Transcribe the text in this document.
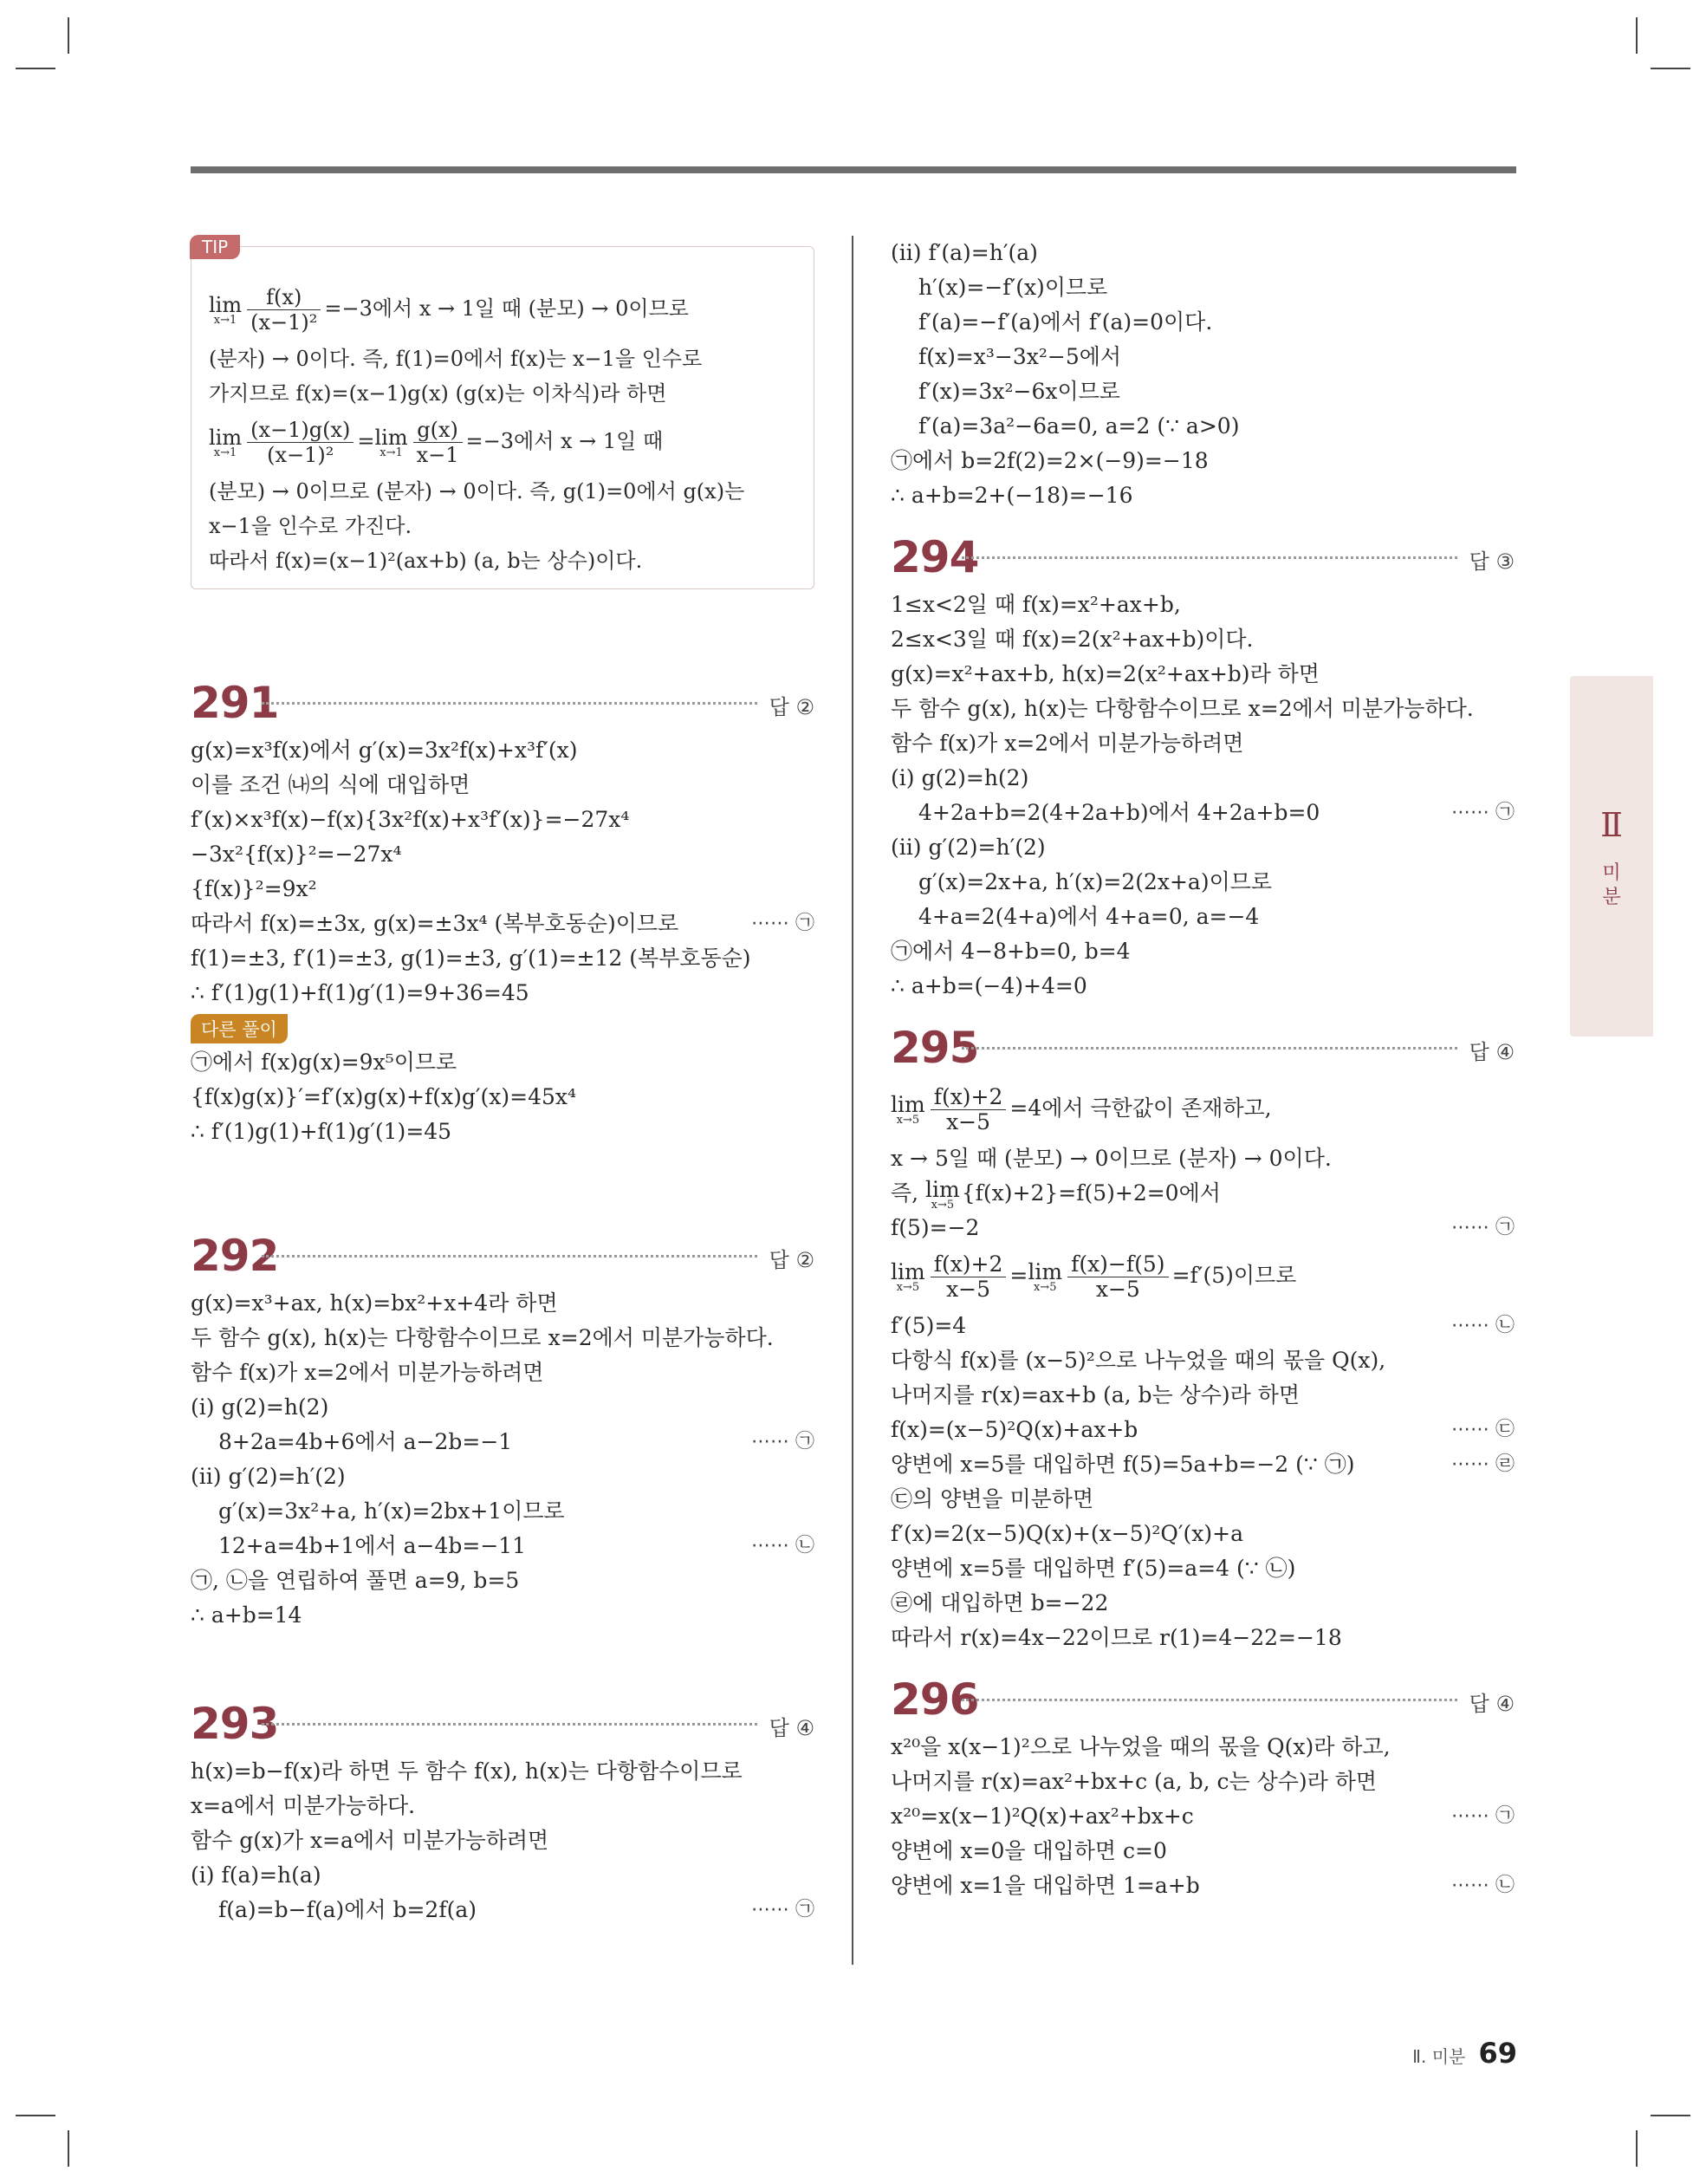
TIP
lim
$x\to 1 \frac{f(x)}{\text{(x−1)²}} =-3$에서 x → 1일 때 (분모) → 0이므로
(분자) → 0이다. 즉, f(1)=0에서 f(x)는 x−1을 인수로
가지므로 f(x)=(x−1)g(x) (g(x)는 이차식)라 하면
lim
$x\to 1 \frac{(x-1)g(x)}{\text{(x−1)²}} = \lim$
$x\to 1 \frac{g(x)}{x-1} =-3$에서 x → 1일 때
(분모) → 0이므로 (분자) → 0이다. 즉, g(1)=0에서 g(x)는
x−1을 인수로 가진다.
따라서 f(x)=(x−1)²(ax+b) (a, b는 상수)이다.
291	답 ②
g(x)=x³f(x)에서 g′(x)=3x²f(x)+x³f′(x)
이를 조건 ㈏의 식에 대입하면
f′(x)×x³f(x)−f(x){3x²f(x)+x³f′(x)}=−27x⁴
−3x²{f(x)}²=−27x⁴
{f(x)}²=9x²
따라서 f(x)=±3x, g(x)=±3x⁴ (복부호동순)이므로	⋯⋯ ㉠
f(1)=±3, f′(1)=±3, g(1)=±3, g′(1)=±12 (복부호동순)
∴ f′(1)g(1)+f(1)g′(1)=9+36=45
다른 풀이
㉠에서 f(x)g(x)=9x⁵이므로
{f(x)g(x)}′=f′(x)g(x)+f(x)g′(x)=45x⁴
∴ f′(1)g(1)+f(1)g′(1)=45
292	답 ②
g(x)=x³+ax, h(x)=bx²+x+4라 하면
두 함수 g(x), h(x)는 다항함수이므로 x=2에서 미분가능하다.
함수 f(x)가 x=2에서 미분가능하려면
(i) g(2)=h(2)
8+2a=4b+6에서 a−2b=−1	⋯⋯ ㉠
(ii) g′(2)=h′(2)
g′(x)=3x²+a, h′(x)=2bx+1이므로
12+a=4b+1에서 a−4b=−11	⋯⋯ ㉡
㉠, ㉡을 연립하여 풀면 a=9, b=5
∴ a+b=14
293	답 ④
h(x)=b−f(x)라 하면 두 함수 f(x), h(x)는 다항함수이므로
x=a에서 미분가능하다.
함수 g(x)가 x=a에서 미분가능하려면
(i) f(a)=h(a)
f(a)=b−f(a)에서 b=2f(a)	⋯⋯ ㉠
(ii) f′(a)=h′(a)
h′(x)=−f′(x)이므로
f′(a)=−f′(a)에서 f′(a)=0이다.
f(x)=x³−3x²−5에서
f′(x)=3x²−6x이므로
f′(a)=3a²−6a=0, a=2 (∵ a>0)
㉠에서 b=2f(2)=2×(−9)=−18
∴ a+b=2+(−18)=−16
294	답 ③
1≤x<2일 때 f(x)=x²+ax+b,
2≤x<3일 때 f(x)=2(x²+ax+b)이다.
g(x)=x²+ax+b, h(x)=2(x²+ax+b)라 하면
두 함수 g(x), h(x)는 다항함수이므로 x=2에서 미분가능하다.
함수 f(x)가 x=2에서 미분가능하려면
(i) g(2)=h(2)
4+2a+b=2(4+2a+b)에서 4+2a+b=0	⋯⋯ ㉠
(ii) g′(2)=h′(2)
g′(x)=2x+a, h′(x)=2(2x+a)이므로
4+a=2(4+a)에서 4+a=0, a=−4
㉠에서 4−8+b=0, b=4
∴ a+b=(−4)+4=0
295	답 ④
lim
$x\to 5 \frac{f(x)+2}{x-5} =4$에서 극한값이 존재하고,
x → 5일 때 (분모) → 0이므로 (분자) → 0이다.
즉, lim
x→5 {f(x)+2}=f(5)+2=0에서
f(5)=−2	⋯⋯ ㉠
lim
$x\to 5 \frac{f(x)+2}{x-5} = \lim$
$x\to 5 \frac{f(x)-f(5)}{x-5} =f'(5)$이므로
f′(5)=4	⋯⋯ ㉡
다항식 f(x)를 (x−5)²으로 나누었을 때의 몫을 Q(x),
나머지를 r(x)=ax+b (a, b는 상수)라 하면
f(x)=(x−5)²Q(x)+ax+b	⋯⋯ ㉢
양변에 x=5를 대입하면 f(5)=5a+b=−2 (∵ ㉠)	⋯⋯ ㉣
㉢의 양변을 미분하면
f′(x)=2(x−5)Q(x)+(x−5)²Q′(x)+a
양변에 x=5를 대입하면 f′(5)=a=4 (∵ ㉡)
㉣에 대입하면 b=−22
따라서 r(x)=4x−22이므로 r(1)=4−22=−18
296	답 ④
x²⁰을 x(x−1)²으로 나누었을 때의 몫을 Q(x)라 하고,
나머지를 r(x)=ax²+bx+c (a, b, c는 상수)라 하면
x²⁰=x(x−1)²Q(x)+ax²+bx+c	⋯⋯ ㉠
양변에 x=0을 대입하면 c=0
양변에 x=1을 대입하면 1=a+b	⋯⋯ ㉡
Ⅱ
미
분
Ⅱ. 미분 69
